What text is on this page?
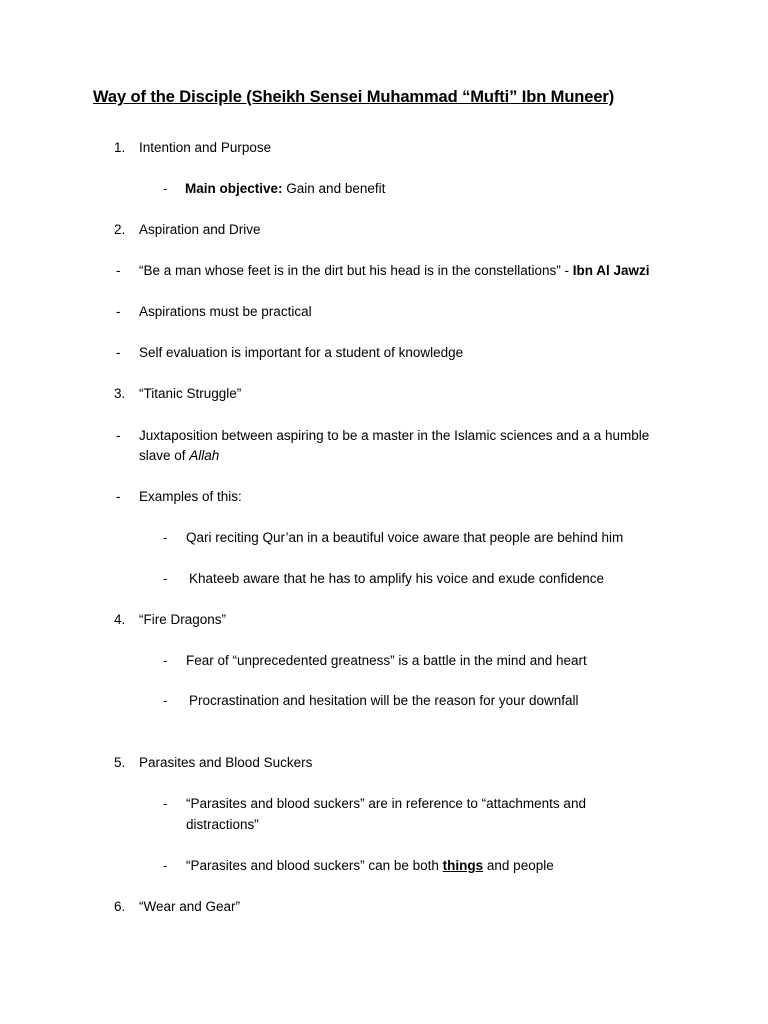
Way of the Disciple (Sheikh Sensei Muhammad “Mufti” Ibn Muneer)
1. Intention and Purpose
- Main objective: Gain and benefit
2. Aspiration and Drive
- “Be a man whose feet is in the dirt but his head is in the constellations” - Ibn Al Jawzi
- Aspirations must be practical
- Self evaluation is important for a student of knowledge
3. “Titanic Struggle”
- Juxtaposition between aspiring to be a master in the Islamic sciences and a a humble
slave of Allah
- Examples of this:
- Qari reciting Qur’an in a beautiful voice aware that people are behind him
- Khateeb aware that he has to amplify his voice and exude confidence
4. “Fire Dragons”
- Fear of “unprecedented greatness” is a battle in the mind and heart
- Procrastination and hesitation will be the reason for your downfall
5. Parasites and Blood Suckers
- “Parasites and blood suckers” are in reference to “attachments and
distractions”
- “Parasites and blood suckers” can be both things and people
6. “Wear and Gear”
